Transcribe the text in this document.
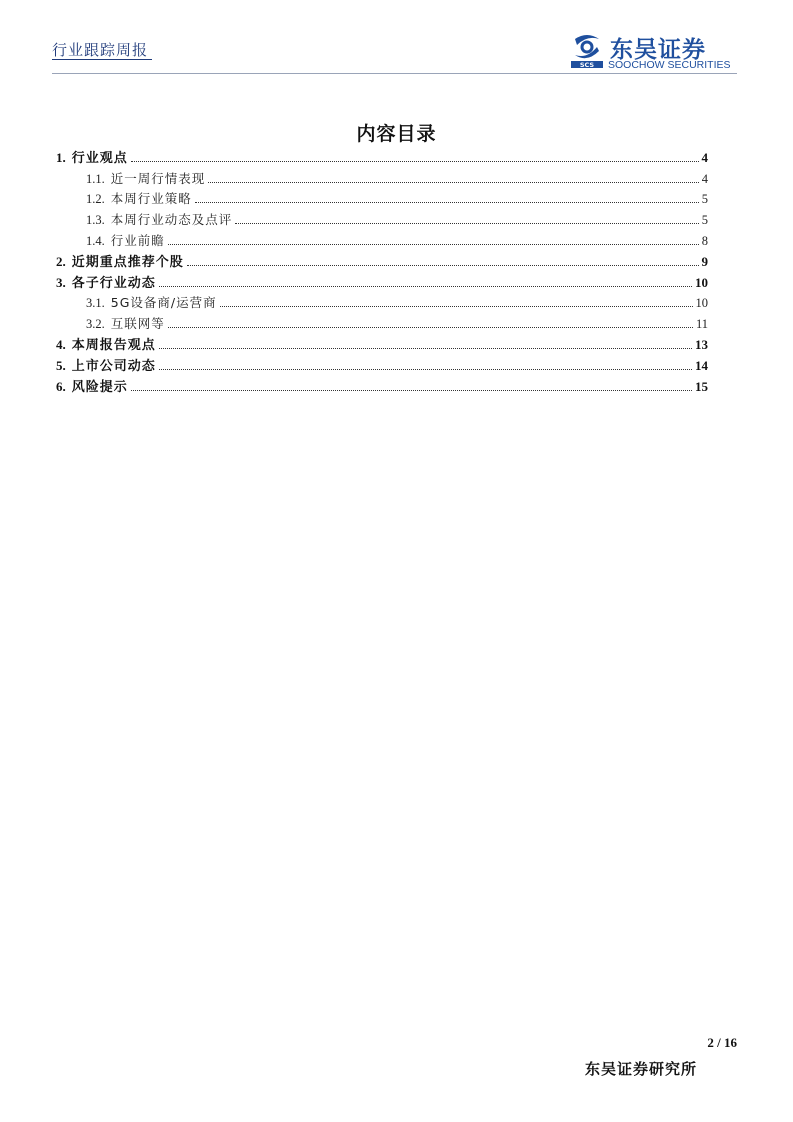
行业跟踪周报
SCS
东吴证券
SOOCHOW SECURITIES
内容目录
1. 行业观点	4
1.1. 近一周行情表现	4
1.2. 本周行业策略	5
1.3. 本周行业动态及点评	5
1.4. 行业前瞻	8
2. 近期重点推荐个股	9
3. 各子行业动态	10
3.1. 5G设备商/运营商	10
3.2. 互联网等	11
4. 本周报告观点	13
5. 上市公司动态	14
6. 风险提示	15
2 / 16
东吴证券研究所
